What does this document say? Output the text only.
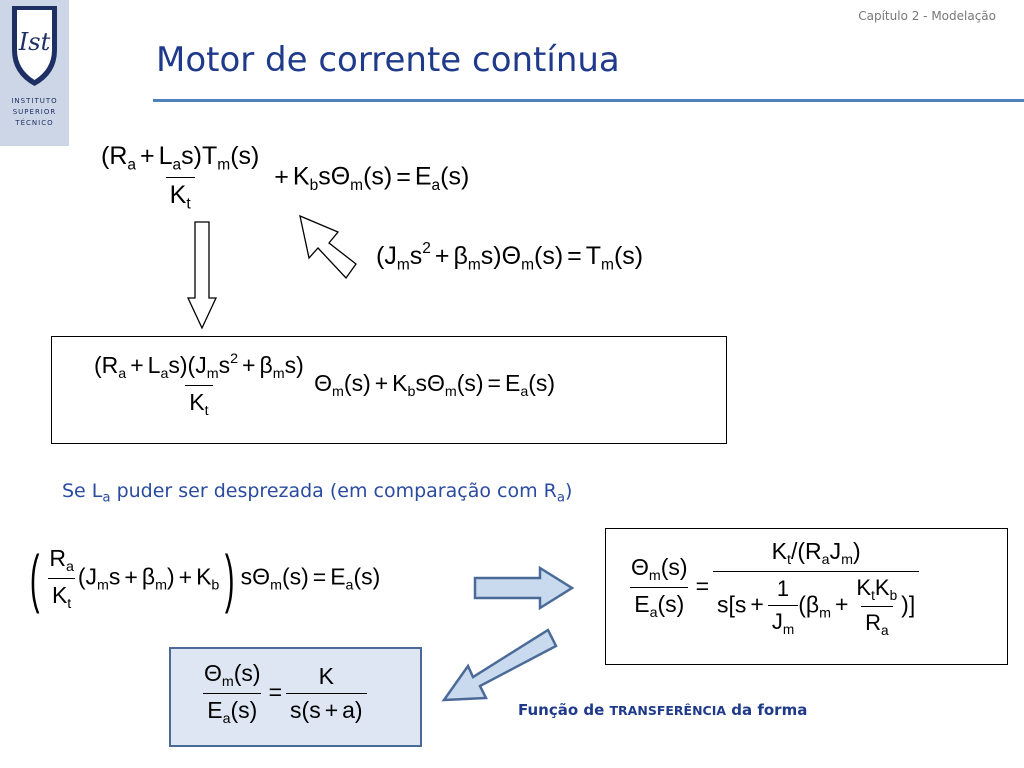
Ist
INSTITUTO
SUPERIOR
TÉCNICO
Capítulo 2 - Modelação
Motor de corrente contínua
$\frac{(R_a + L_as)T_m(s)}{K_t} + K_bs\Theta_m(s) = E_a(s)$
$(J_ms^2 + \beta_ms)\Theta_m(s) = T_m(s)$
$\frac{(R_a + L_as)(J_ms^2 + \beta_ms)}{K_t} \Theta_m(s) + K_bs\Theta_m(s) = E_a(s)$
Se $L_a$ puder ser desprezada (em comparação com $R_a$)
( $\frac{R_a}{K_t} (J_ms + \beta_m) + K_b$) $s\Theta_m(s) = E_a(s)$	$\frac{\Theta_m(s)}{E_a(s)} = \frac{K_t/(R_aJ_m)}{s[s + \frac{1}{J_m} (\beta_m + \frac{K_tK_b}{R_a} )]}$
$\frac{\Theta_m(s)}{E_a(s)} = \frac{K}{s(s + a)}$	Função de TRANSFERÊNCIA da forma
